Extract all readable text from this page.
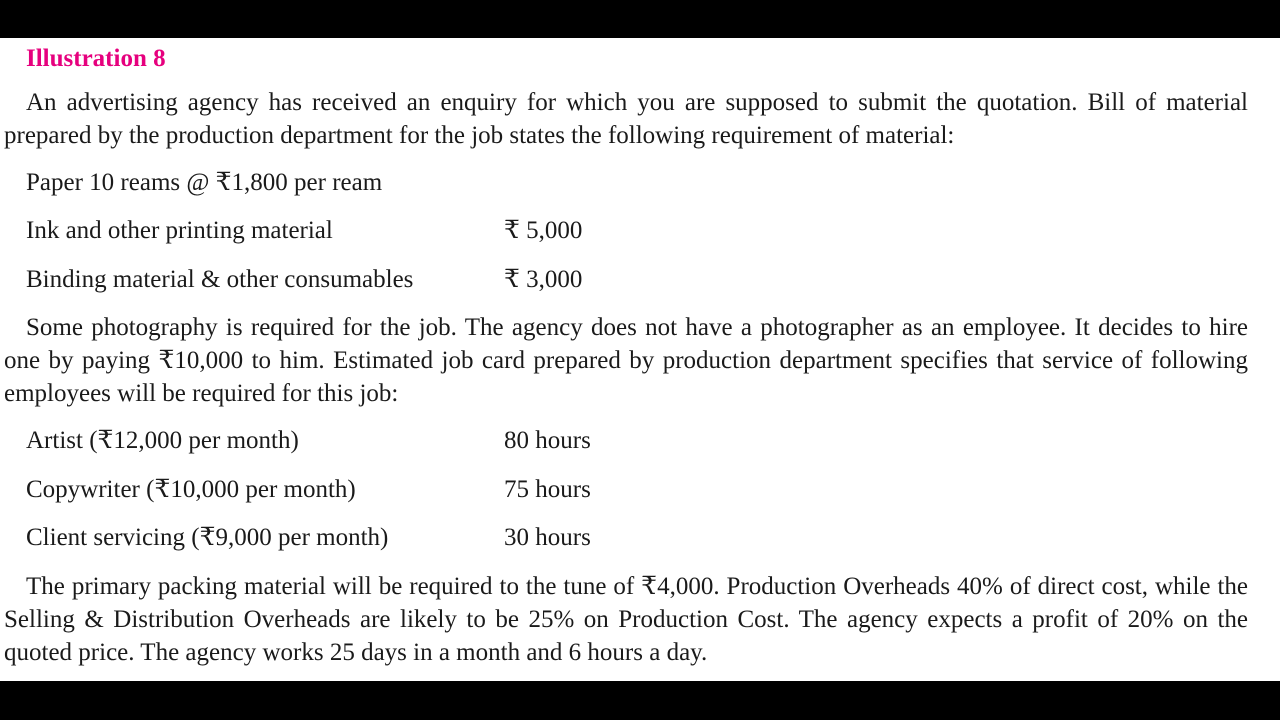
Illustration 8

An advertising agency has received an enquiry for which you are supposed to submit the quotation. Bill of material prepared by the production department for the job states the following requirement of material:

Paper 10 reams @ ₹1,800 per ream
Ink and other printing material	₹ 5,000
Binding material & other consumables	₹ 3,000

Some photography is required for the job. The agency does not have a photographer as an employee. It decides to hire one by paying ₹10,000 to him. Estimated job card prepared by production department specifies that service of following employees will be required for this job:

Artist (₹12,000 per month)	80 hours
Copywriter (₹10,000 per month)	75 hours
Client servicing (₹9,000 per month)	30 hours

The primary packing material will be required to the tune of ₹4,000. Production Overheads 40% of direct cost, while the Selling & Distribution Overheads are likely to be 25% on Production Cost. The agency expects a profit of 20% on the quoted price. The agency works 25 days in a month and 6 hours a day.
